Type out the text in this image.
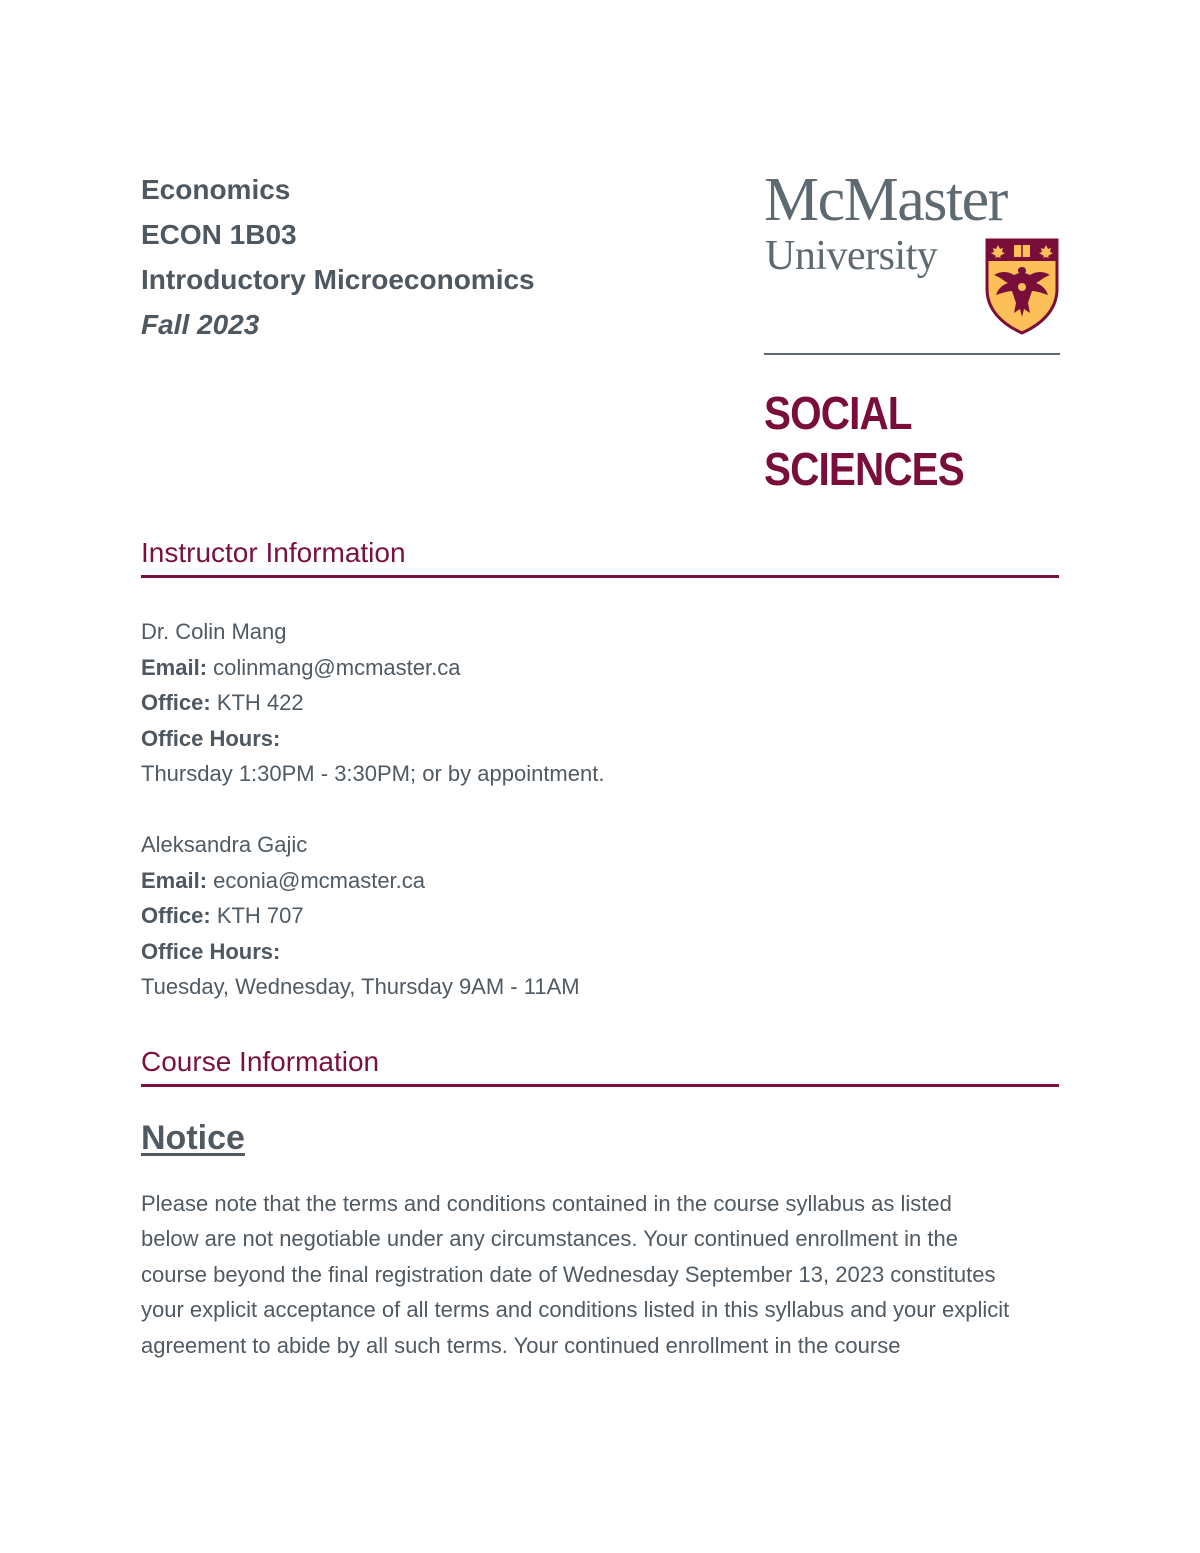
Economics
ECON 1B03
Introductory Microeconomics
Fall 2023
McMaster
University
SOCIAL
SCIENCES
Instructor Information
Dr. Colin Mang
Email: colinmang@mcmaster.ca
Office: KTH 422
Office Hours:
Thursday 1:30PM - 3:30PM; or by appointment.
Aleksandra Gajic
Email: econia@mcmaster.ca
Office: KTH 707
Office Hours:
Tuesday, Wednesday, Thursday 9AM - 11AM
Course Information
Notice
Please note that the terms and conditions contained in the course syllabus as listed
below are not negotiable under any circumstances. Your continued enrollment in the
course beyond the final registration date of Wednesday September 13, 2023 constitutes
your explicit acceptance of all terms and conditions listed in this syllabus and your explicit
agreement to abide by all such terms. Your continued enrollment in the course
